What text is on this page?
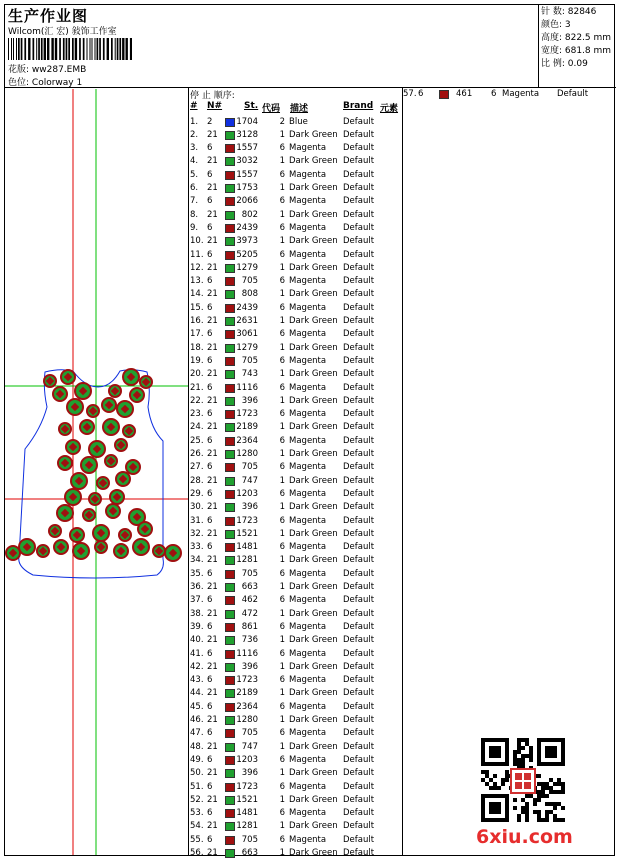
生产作业图
Wilcom(汇 宏) 敍饰工作室
花版: ww287.EMB
色位: Colorway 1
针 数: 82846
颜色: 3
高度: 822.5 mm
宽度: 681.8 mm
比 例: 0.09
停 止 顺序:
# N# St. 代码 描述	Brand 元素
1. 2	1704	2 Blue	Default
2. 21	3128	1 Dark Green Default
3. 6	1557	6 Magenta Default
4. 21	3032	1 Dark Green Default
5. 6	1557	6 Magenta Default
6. 21	1753	1 Dark Green Default
7. 6	2066	6 Magenta Default
8. 21	802	1 Dark Green Default
9. 6	2439	6 Magenta Default
10. 21	3973	1 Dark Green Default
11. 6	5205	6 Magenta Default
12. 21	1279	1 Dark Green Default
13. 6	705	6 Magenta Default
14. 21	808	1 Dark Green Default
15. 6	2439	6 Magenta Default
16. 21	2631	1 Dark Green Default
17. 6	3061	6 Magenta Default
18. 21	1279	1 Dark Green Default
19. 6	705	6 Magenta Default
20. 21	743	1 Dark Green Default
21. 6	1116	6 Magenta Default
22. 21	396	1 Dark Green Default
23. 6	1723	6 Magenta Default
24. 21	2189	1 Dark Green Default
25. 6	2364	6 Magenta Default
26. 21	1280	1 Dark Green Default
27. 6	705	6 Magenta Default
28. 21	747	1 Dark Green Default
29. 6	1203	6 Magenta Default
30. 21	396	1 Dark Green Default
31. 6	1723	6 Magenta Default
32. 21	1521	1 Dark Green Default
33. 6	1481	6 Magenta Default
34. 21	1281	1 Dark Green Default
35. 6	705	6 Magenta Default
36. 21	663	1 Dark Green Default
37. 6	462	6 Magenta Default
38. 21	472	1 Dark Green Default
39. 6	861	6 Magenta Default
40. 21	736	1 Dark Green Default
41. 6	1116	6 Magenta Default
42. 21	396	1 Dark Green Default
43. 6	1723	6 Magenta Default
44. 21	2189	1 Dark Green Default
45. 6	2364	6 Magenta Default
46. 21	1280	1 Dark Green Default
47. 6	705	6 Magenta Default
48. 21	747	1 Dark Green Default
49. 6	1203	6 Magenta Default
50. 21	396	1 Dark Green Default
51. 6	1723	6 Magenta Default
52. 21	1521	1 Dark Green Default
53. 6	1481	6 Magenta Default
54. 21	1281	1 Dark Green Default
55. 6	705	6 Magenta Default
56. 21	663	1 Dark Green Default
57. 6	461 6 Magenta Default
6xiu.com
